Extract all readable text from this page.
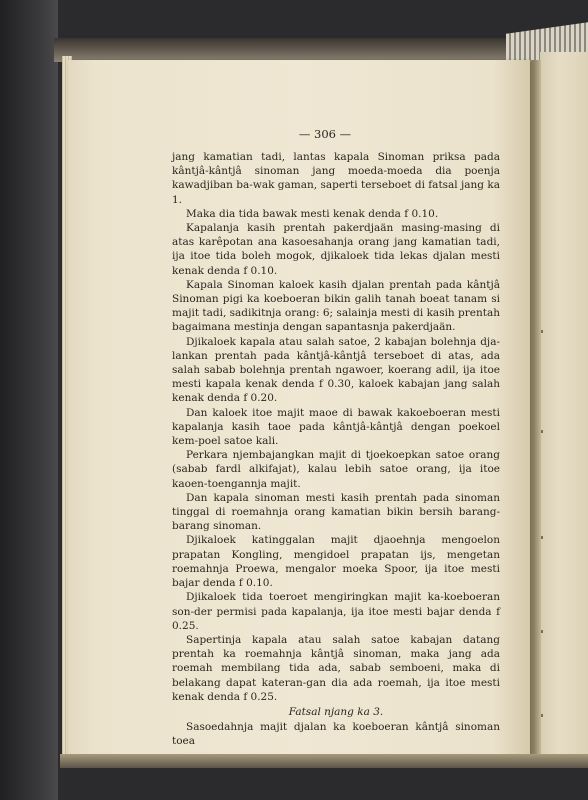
— 306 —

jang kamatian tadi, lantas kapala Sinoman priksa pada kântjâ-kântjâ sinoman jang moeda-moeda dia poenja kawadjiban ba-wak gaman, saperti terseboet di fatsal jang ka 1.

Maka dia tida bawak mesti kenak denda f 0.10.

Kapalanja kasih prentah pakerdjaän masing-masing di atas karêpotan ana kasoesahanja orang jang kamatian tadi, ija itoe tida boleh mogok, djikaloek tida lekas djalan mesti kenak denda f 0.10.

Kapala Sinoman kaloek kasih djalan prentah pada kântjâ Sinoman pigi ka koeboeran bikin galih tanah boeat tanam si majit tadi, sadikitnja orang: 6; salainja mesti di kasih prentah bagaimana mestinja dengan sapantasnja pakerdjaän.

Djikaloek kapala atau salah satoe, 2 kabajan bolehnja dja-lankan prentah pada kântjâ-kântjâ terseboet di atas, ada salah sabab bolehnja prentah ngawoer, koerang adil, ija itoe mesti kapala kenak denda f 0.30, kaloek kabajan jang salah kenak denda f 0.20.

Dan kaloek itoe majit maoe di bawak kakoeboeran mesti kapalanja kasih taoe pada kântjâ-kântjâ dengan poekoel kem-poel satoe kali.

Perkara njembajangkan majit di tjoekoepkan satoe orang (sabab fardl alkifajat), kalau lebih satoe orang, ija itoe kaoen-toengannja majit.

Dan kapala sinoman mesti kasih prentah pada sinoman tinggal di roemahnja orang kamatian bikin bersih barang-barang sinoman.

Djikaloek katinggalan majit djaoehnja mengoelon prapatan Kongling, mengidoel prapatan ijs, mengetan roemahnja Proewa, mengalor moeka Spoor, ija itoe mesti bajar denda f 0.10.

Djikaloek tida toeroet mengiringkan majit ka-koeboeran son-der permisi pada kapalanja, ija itoe mesti bajar denda f 0.25.

Sapertinja kapala atau salah satoe kabajan datang prentah ka roemahnja kântjâ sinoman, maka jang ada roemah membilang tida ada, sabab semboeni, maka di belakang dapat kateran-gan dia ada roemah, ija itoe mesti kenak denda f 0.25.

Fatsal njang ka 3.

Sasoedahnja majit djalan ka koeboeran kântjâ sinoman toea
